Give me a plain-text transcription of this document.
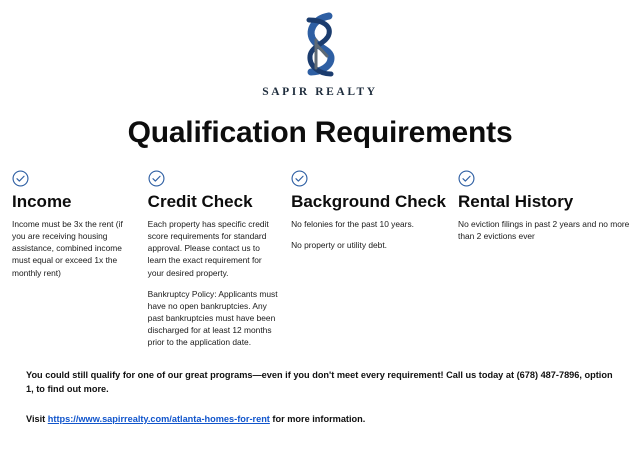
SAPIR REALTY
Qualification Requirements
Income

Income must be 3x the rent (if you are receiving housing assistance, combined income must equal or exceed 1x the monthly rent)

Credit Check

Each property has specific credit score requirements for standard approval. Please contact us to learn the exact requirement for your desired property.

Bankruptcy Policy: Applicants must have no open bankruptcies. Any past bankruptcies must have been discharged for at least 12 months prior to the application date.

Background Check

No felonies for the past 10 years.

No property or utility debt.

Rental History

No eviction filings in past 2 years and no more than 2 evictions ever

You could still qualify for one of our great programs—even if you don't meet every requirement! Call us today at (678) 487-7896, option 1, to find out more.

Visit https://www.sapirrealty.com/atlanta-homes-for-rent for more information.
